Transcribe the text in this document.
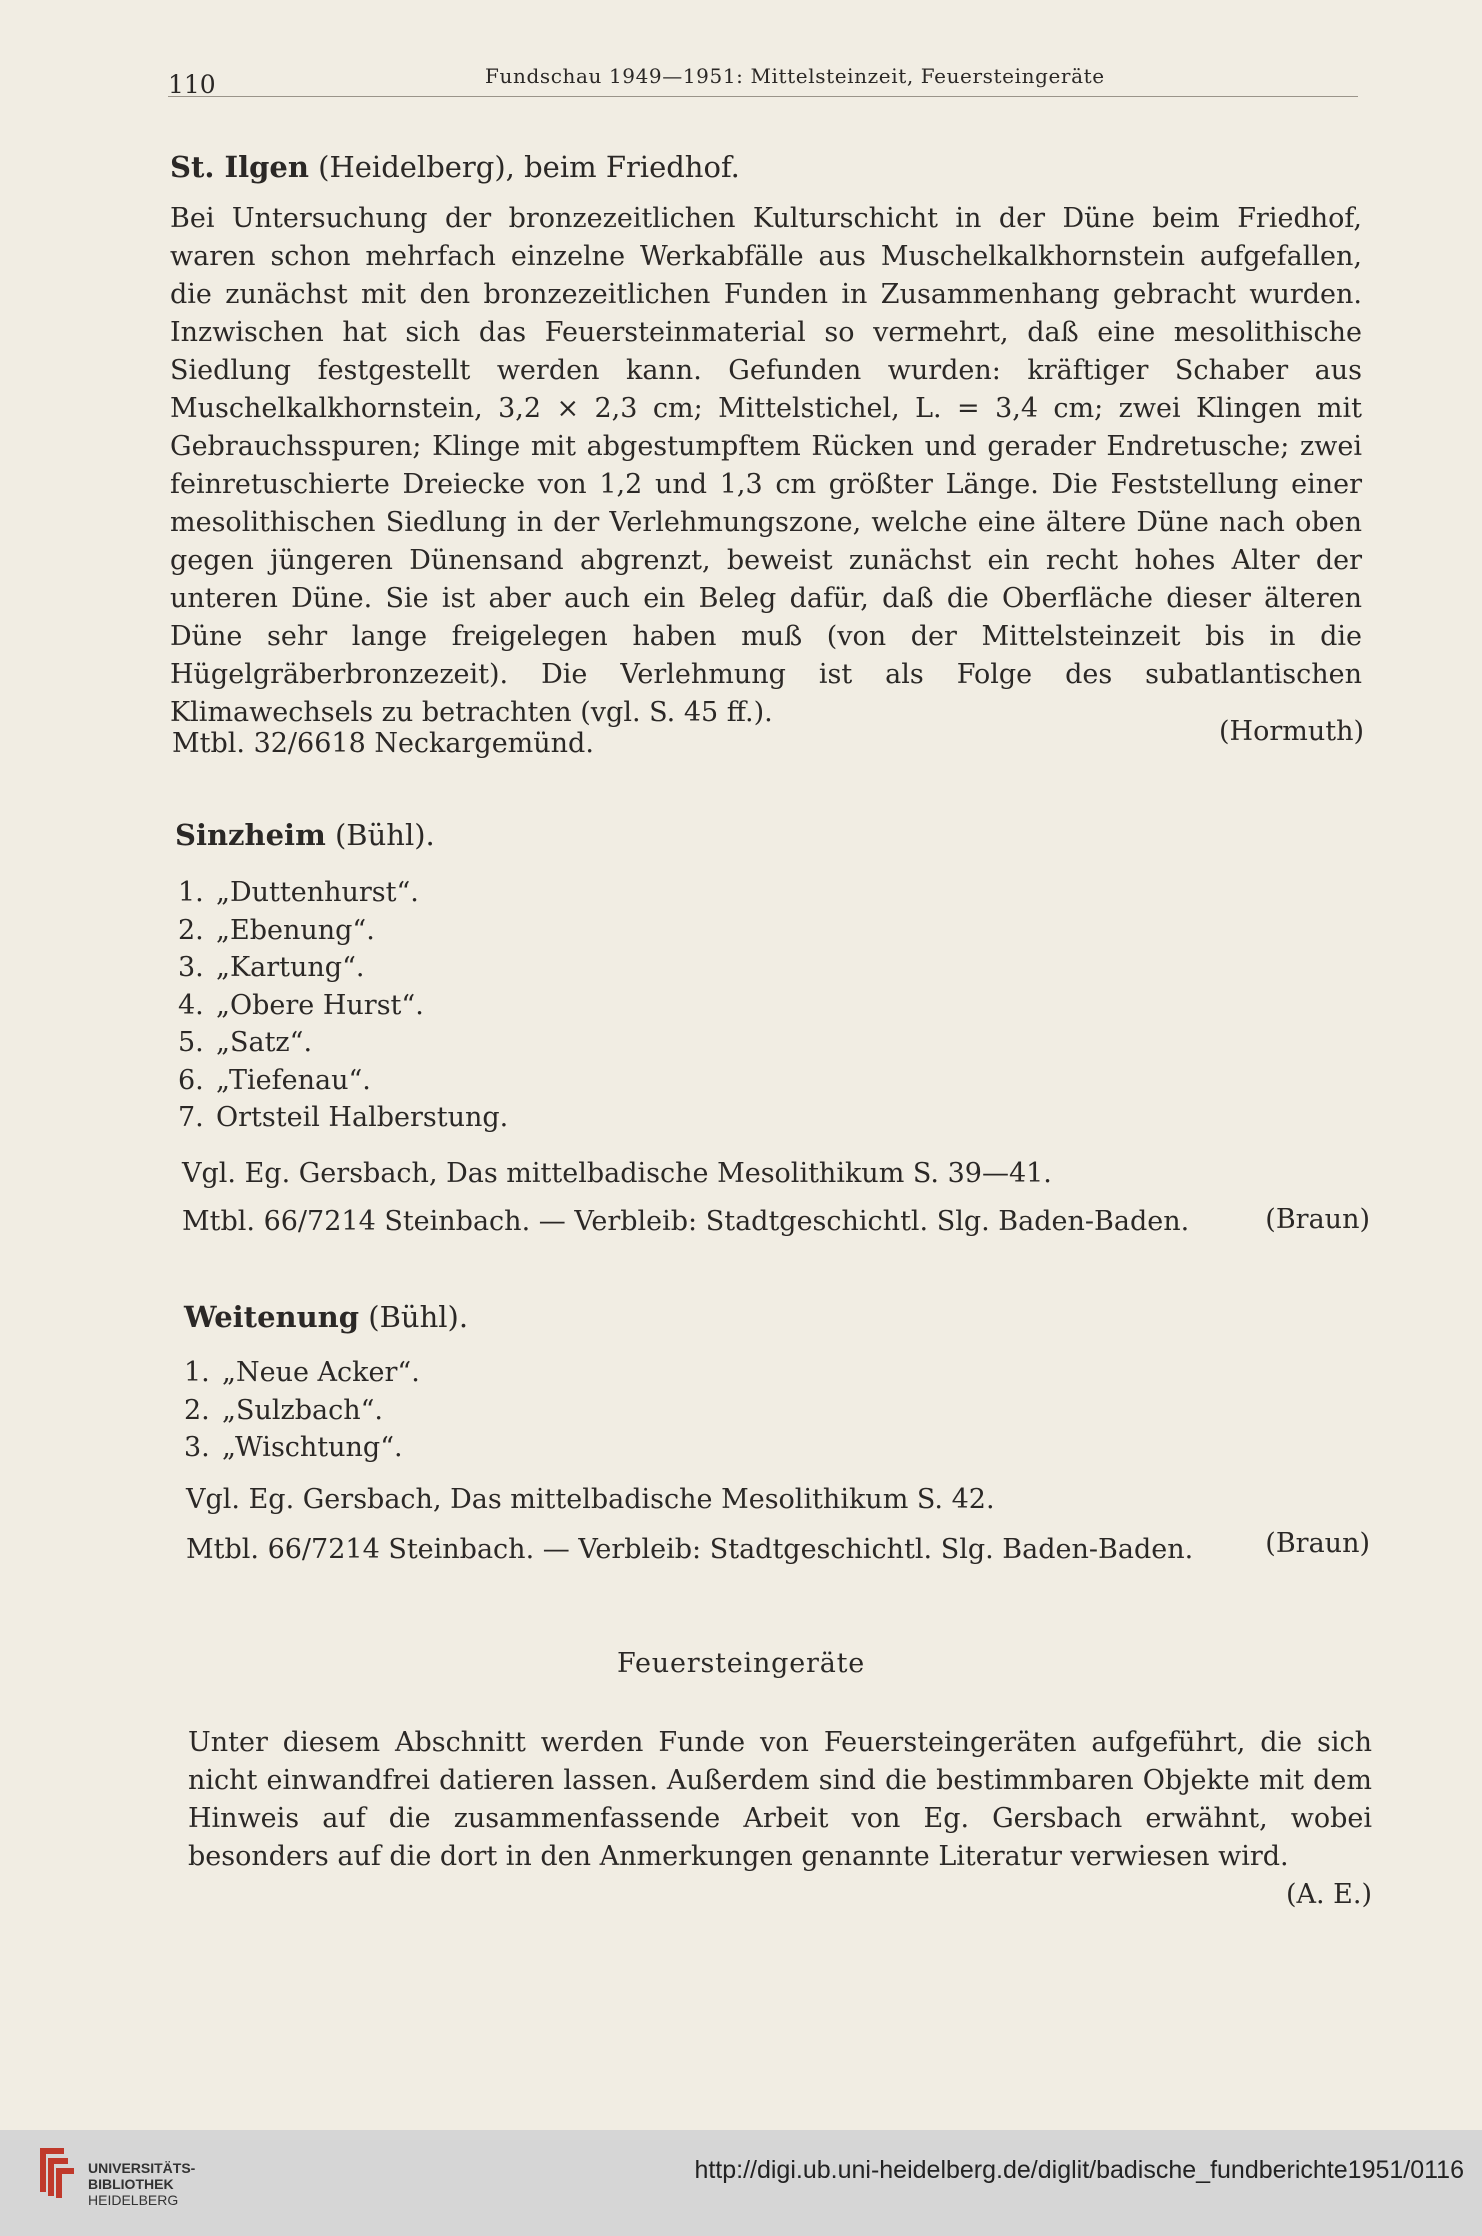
110	Fundschau 1949—1951: Mittelsteinzeit, Feuersteingeräte
St. Ilgen (Heidelberg), beim Friedhof.

Bei Untersuchung der bronzezeitlichen Kulturschicht in der Düne beim Friedhof, waren schon mehrfach einzelne Werkabfälle aus Muschelkalkhornstein aufgefallen, die zunächst mit den bronzezeitlichen Funden in Zusammenhang gebracht wurden. Inzwischen hat sich das Feuersteinmaterial so vermehrt, daß eine mesolithische Siedlung festgestellt werden kann. Gefunden wurden: kräftiger Schaber aus Muschelkalkhornstein, 3,2 × 2,3 cm; Mittelstichel, L. = 3,4 cm; zwei Klingen mit Gebrauchsspuren; Klinge mit abgestumpftem Rücken und gerader Endretusche; zwei feinretuschierte Dreiecke von 1,2 und 1,3 cm größter Länge. Die Feststellung einer mesolithischen Siedlung in der Verlehmungszone, welche eine ältere Düne nach oben gegen jüngeren Dünensand abgrenzt, beweist zunächst ein recht hohes Alter der unteren Düne. Sie ist aber auch ein Beleg dafür, daß die Oberfläche dieser älteren Düne sehr lange freigelegen haben muß (von der Mittelsteinzeit bis in die Hügelgräberbronzezeit). Die Verlehmung ist als Folge des subatlantischen Klimawechsels zu betrachten (vgl. S. 45 ff.).

Mtbl. 32/6618 Neckargemünd.	(Hormuth)
Sinzheim (Bühl).
1. „Duttenhurst“.
2. „Ebenung“.
3. „Kartung“.
4. „Obere Hurst“.
5. „Satz“.
6. „Tiefenau“.
7. Ortsteil Halberstung.
Vgl. Eg. Gersbach, Das mittelbadische Mesolithikum S. 39—41.
Mtbl. 66/7214 Steinbach. — Verbleib: Stadtgeschichtl. Slg. Baden-Baden.	(Braun)
Weitenung (Bühl).
1. „Neue Acker“.
2. „Sulzbach“.
3. „Wischtung“.
Vgl. Eg. Gersbach, Das mittelbadische Mesolithikum S. 42.
Mtbl. 66/7214 Steinbach. — Verbleib: Stadtgeschichtl. Slg. Baden-Baden.	(Braun)
Feuersteingeräte

Unter diesem Abschnitt werden Funde von Feuersteingeräten aufgeführt, die sich nicht einwandfrei datieren lassen. Außerdem sind die bestimmbaren Objekte mit dem Hinweis auf die zusammenfassende Arbeit von Eg. Gersbach erwähnt, wobei besonders auf die dort in den Anmerkungen genannte Literatur verwiesen wird.
(A. E.)

UNIVERSITÄTS-
BIBLIOTHEK
HEIDELBERG
http://digi.ub.uni-heidelberg.de/diglit/badische_fundberichte1951/0116
